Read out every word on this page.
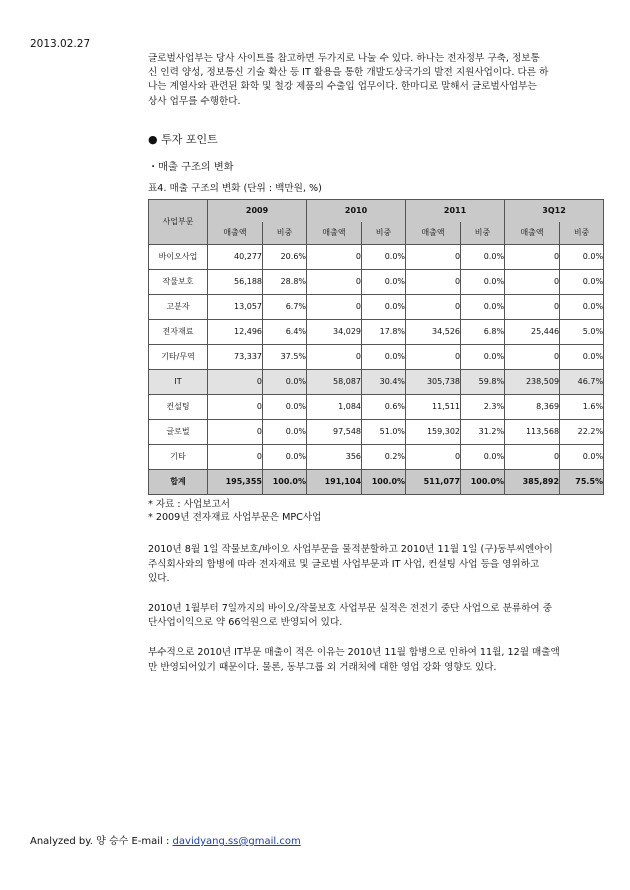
2013.02.27
글로벌사업부는 당사 사이트를 참고하면 두가지로 나눌 수 있다. 하나는 전자정부 구축, 정보통
신 인력 양성, 정보통신 기술 확산 등 IT 활용을 통한 개발도상국가의 발전 지원사업이다. 다른 하
나는 계열사와 관련된 화학 및 철강 제품의 수출입 업무이다. 한마디로 말해서 글로벌사업부는
상사 업무를 수행한다.
● 투자 포인트
・매출 구조의 변화
표4. 매출 구조의 변화 (단위 : 백만원, %)
사업부문	2009		2010		2011		3Q12	
	매출액	비중	매출액	비중	매출액	비중	매출액	비중
바이오사업	40,277	20.6%	0	0.0%	0	0.0%	0	0.0%
작물보호	56,188	28.8%	0	0.0%	0	0.0%	0	0.0%
고분자	13,057	6.7%	0	0.0%	0	0.0%	0	0.0%
전자재료	12,496	6.4%	34,029	17.8%	34,526	6.8%	25,446	5.0%
기타/무역	73,337	37.5%	0	0.0%	0	0.0%	0	0.0%
IT	0	0.0%	58,087	30.4%	305,738	59.8%	238,509	46.7%
컨설팅	0	0.0%	1,084	0.6%	11,511	2.3%	8,369	1.6%
글로벌	0	0.0%	97,548	51.0%	159,302	31.2%	113,568	22.2%
기타	0	0.0%	356	0.2%	0	0.0%	0	0.0%
합계	195,355	100.0%	191,104	100.0%	511,077	100.0%	385,892	75.5%
* 자료 : 사업보고서
* 2009년 전자재료 사업부문은 MPC사업
2010년 8월 1일 작물보호/바이오 사업부문을 물적분할하고 2010년 11월 1일 (구)동부씨엔아이
주식회사와의 합병에 따라 전자재료 및 글로벌 사업부문과 IT 사업, 컨설팅 사업 등을 영위하고
있다.
2010년 1월부터 7일까지의 바이오/작물보호 사업부문 실적은 전전기 중단 사업으로 분류하여 중
단사업이익으로 약 66억원으로 반영되어 있다.
부수적으로 2010년 IT부문 매출이 적은 이유는 2010년 11월 합병으로 인하여 11월, 12월 매출액
만 반영되어있기 때문이다. 물론, 동부그룹 외 거래처에 대한 영업 강화 영향도 있다.
Analyzed by. 양 승수 E-mail : davidyang.ss@gmail.com
